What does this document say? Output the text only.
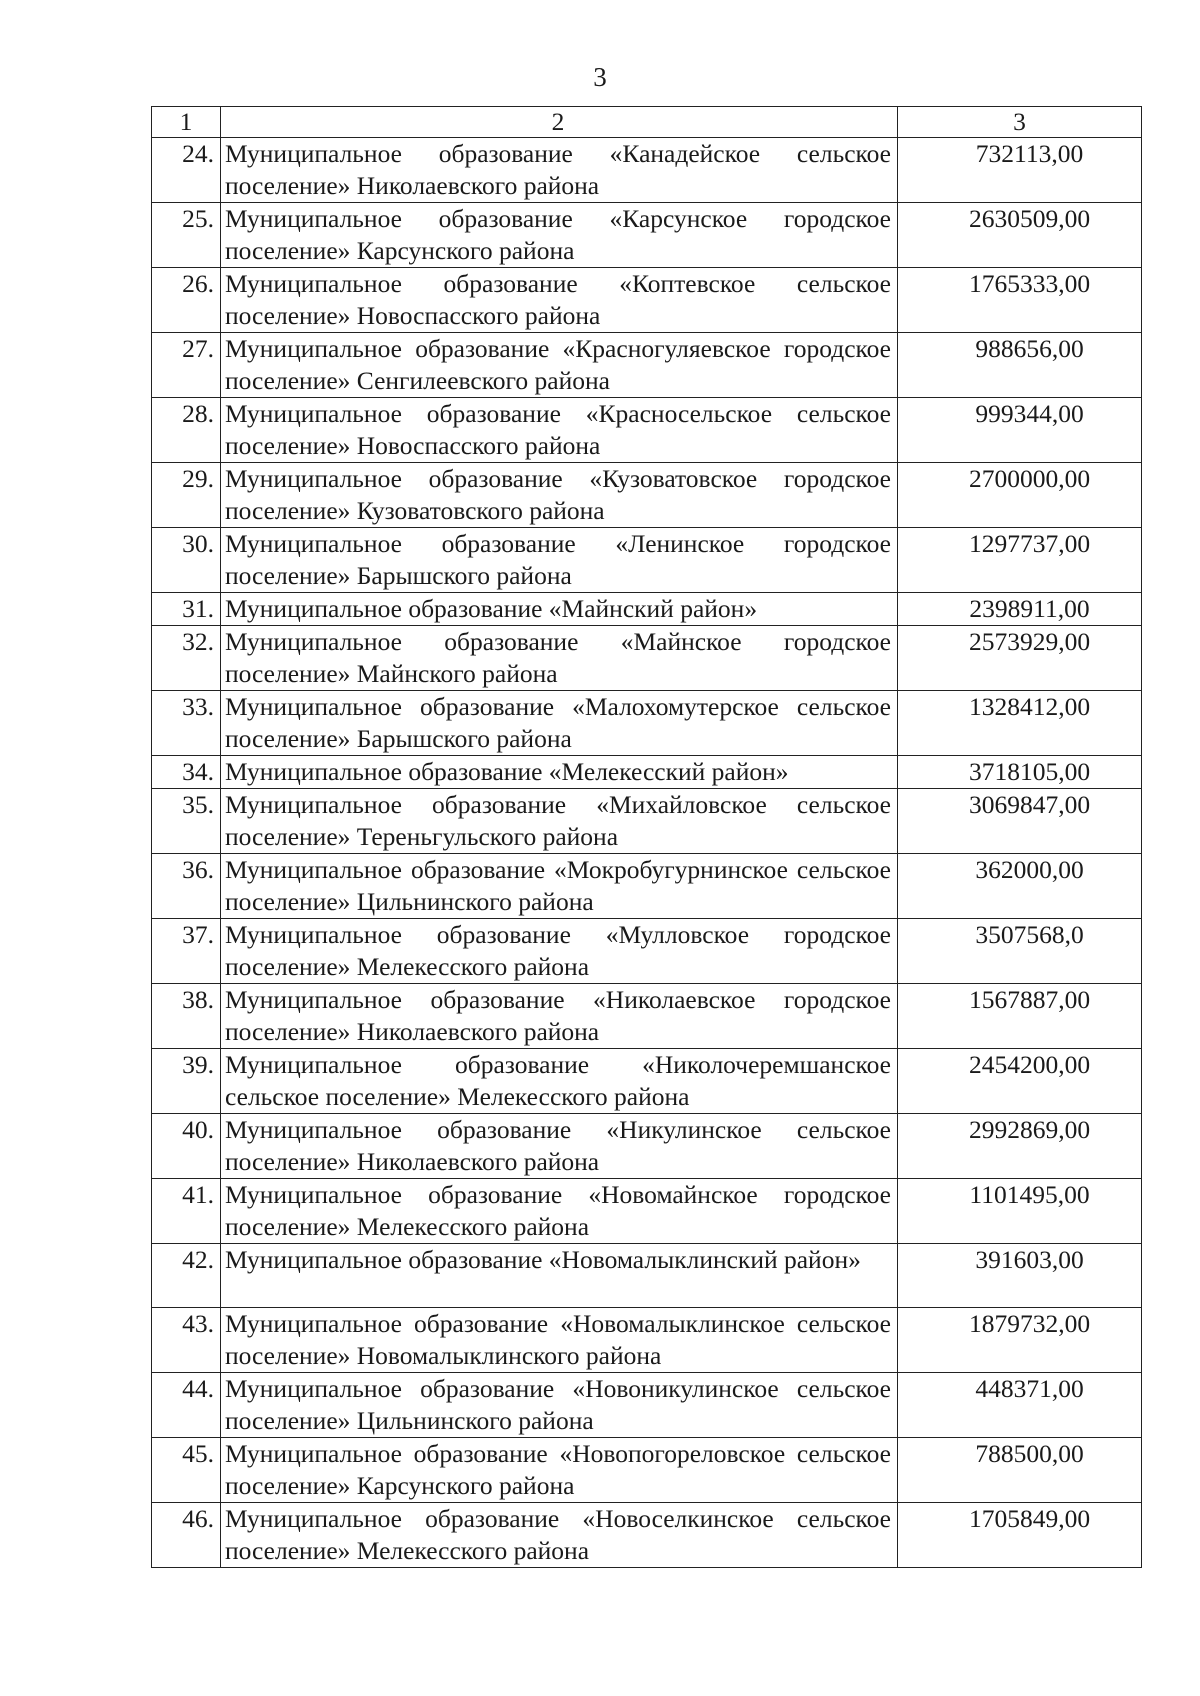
3
1	2	3
24.	Муниципальное образование «Канадейское сельское поселение» Николаевского района	732113,00
25.	Муниципальное образование «Карсунское городское поселение» Карсунского района	2630509,00
26.	Муниципальное образование «Коптевское сельское поселение» Новоспасского района	1765333,00
27.	Муниципальное образование «Красногуляевское городское поселение» Сенгилеевского района	988656,00
28.	Муниципальное образование «Красносельское сельское поселение» Новоспасского района	999344,00
29.	Муниципальное образование «Кузоватовское городское поселение» Кузоватовского района	2700000,00
30.	Муниципальное образование «Ленинское городское поселение» Барышского района	1297737,00
31.	Муниципальное образование «Майнский район»	2398911,00
32.	Муниципальное образование «Майнское городское поселение» Майнского района	2573929,00
33.	Муниципальное образование «Малохомутерское сельское поселение» Барышского района	1328412,00
34.	Муниципальное образование «Мелекесский район»	3718105,00
35.	Муниципальное образование «Михайловское сельское поселение» Тереньгульского района	3069847,00
36.	Муниципальное образование «Мокробугурнинское сельское поселение» Цильнинского района	362000,00
37.	Муниципальное образование «Мулловское городское поселение» Мелекесского района	3507568,0
38.	Муниципальное образование «Николаевское городское поселение» Николаевского района	1567887,00
39.	Муниципальное образование «Николочеремшанское сельское поселение» Мелекесского района	2454200,00
40.	Муниципальное образование «Никулинское сельское поселение» Николаевского района	2992869,00
41.	Муниципальное образование «Новомайнское городское поселение» Мелекесского района	1101495,00
42.	Муниципальное образование «Новомалыклинский район»	391603,00
43.	Муниципальное образование «Новомалыклинское сельское поселение» Новомалыклинского района	1879732,00
44.	Муниципальное образование «Новоникулинское сельское поселение» Цильнинского района	448371,00
45.	Муниципальное образование «Новопогореловское сельское поселение» Карсунского района	788500,00
46.	Муниципальное образование «Новоселкинское сельское поселение» Мелекесского района	1705849,00
